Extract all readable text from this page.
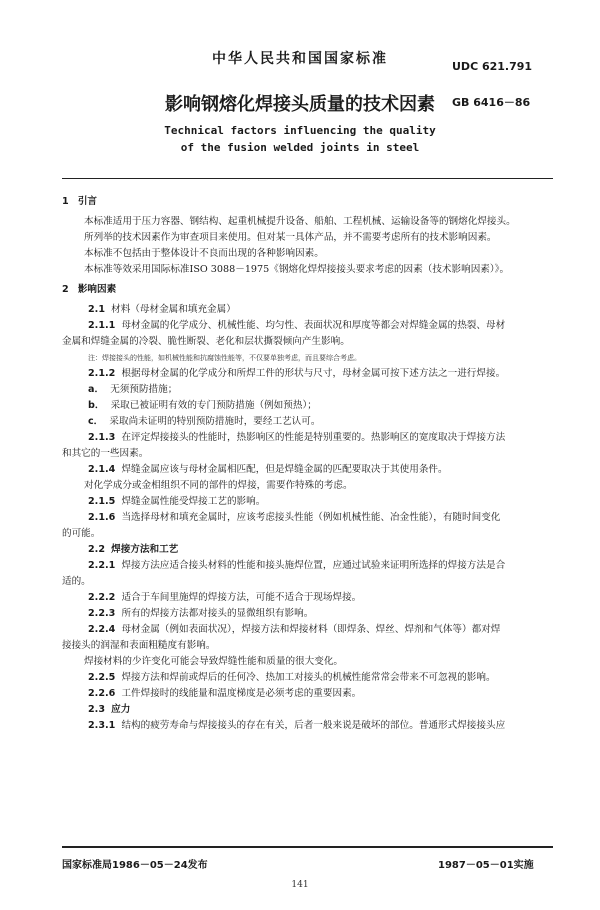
中华人民共和国国家标准	UDC 621.791
影响钢熔化焊接头质量的技术因素	GB 6416－86
Technical factors influencing the quality
of the fusion welded joints in steel

1 引言

本标准适用于压力容器、钢结构、起重机械提升设备、船舶、工程机械、运输设备等的钢熔化焊接头。

所列举的技术因素作为审查项目来使用。但对某一具体产品，并不需要考虑所有的技术影响因素。

本标准不包括由于整体设计不良而出现的各种影响因素。

本标准等效采用国际标准ISO 3088－1975《钢熔化焊焊接接头要求考虑的因素（技术影响因素）》。

2 影响因素

2.1 材料（母材金属和填充金属）

2.1.1 母材金属的化学成分、机械性能、均匀性、表面状况和厚度等都会对焊缝金属的热裂、母材

金属和焊缝金属的冷裂、脆性断裂、老化和层状撕裂倾向产生影响。

注：焊接接头的性能，如机械性能和抗腐蚀性能等，不仅要单独考虑，而且要综合考虑。

2.1.2 根据母材金属的化学成分和所焊工件的形状与尺寸，母材金属可按下述方法之一进行焊接。

a． 无须预防措施；

b． 采取已被证明有效的专门预防措施（例如预热）；

c． 采取尚未证明的特别预防措施时，要经工艺认可。

2.1.3 在评定焊接接头的性能时，热影响区的性能是特别重要的。热影响区的宽度取决于焊接方法

和其它的一些因素。

2.1.4 焊缝金属应该与母材金属相匹配，但是焊缝金属的匹配要取决于其使用条件。

对化学成分或金相组织不同的部件的焊接，需要作特殊的考虑。

2.1.5 焊缝金属性能受焊接工艺的影响。

2.1.6 当选择母材和填充金属时，应该考虑接头性能（例如机械性能、冶金性能），有随时间变化

的可能。

2.2 焊接方法和工艺

2.2.1 焊接方法应适合接头材料的性能和接头施焊位置，应通过试验来证明所选择的焊接方法是合

适的。

2.2.2 适合于车间里施焊的焊接方法，可能不适合于现场焊接。

2.2.3 所有的焊接方法都对接头的显微组织有影响。

2.2.4 母材金属（例如表面状况），焊接方法和焊接材料（即焊条、焊丝、焊剂和气体等）都对焊

接接头的润湿和表面粗糙度有影响。

焊接材料的少许变化可能会导致焊缝性能和质量的很大变化。

2.2.5 焊接方法和焊前或焊后的任何冷、热加工对接头的机械性能常常会带来不可忽视的影响。

2.2.6 工件焊接时的线能量和温度梯度是必须考虑的重要因素。

2.3 应力

2.3.1 结构的疲劳寿命与焊接接头的存在有关，后者一般来说是破坏的部位。普通形式焊接接头应

国家标准局1986－05－24发布	1987－05－01实施
141
